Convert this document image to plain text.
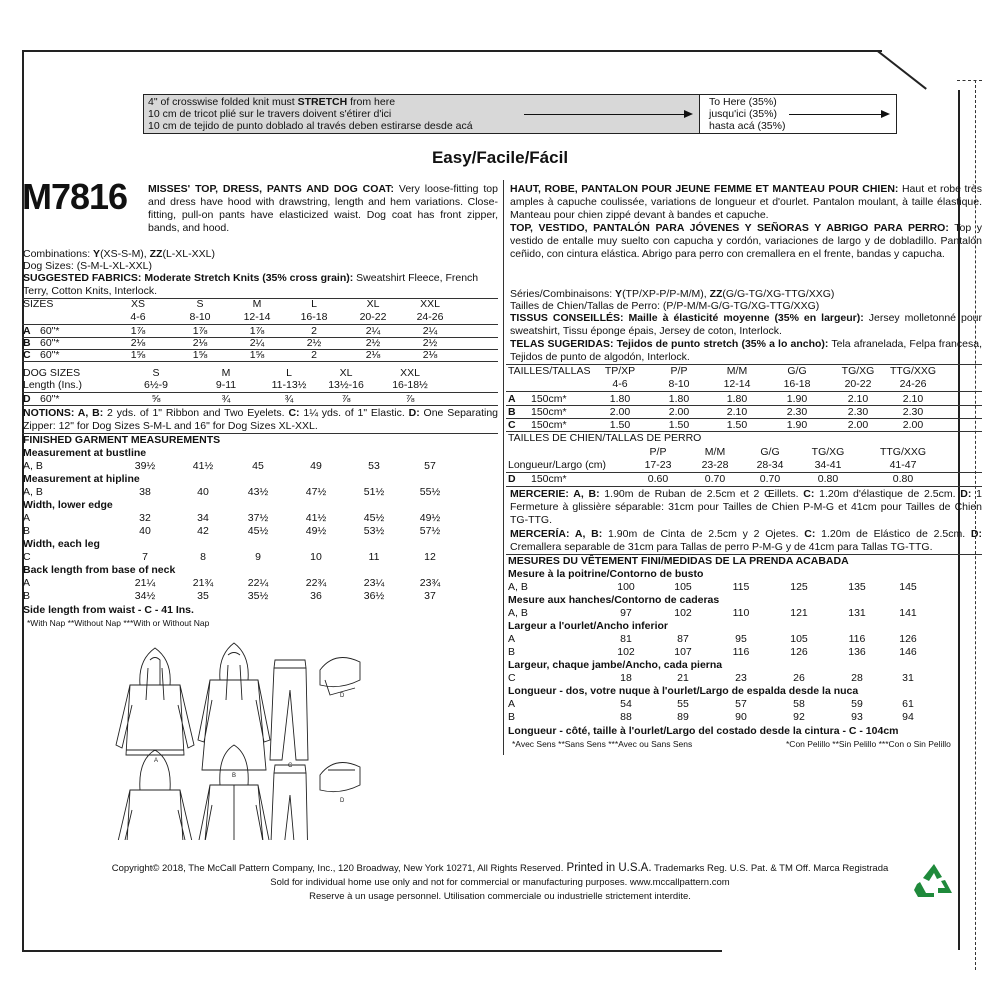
4" of crosswise folded knit must STRETCH from here
10 cm de tricot plié sur le travers doivent s'étirer d'ici
10 cm de tejido de punto doblado al través deben estirarse desde acá
To Here (35%)
jusqu'ici (35%)
hasta acá (35%)
Easy/Facile/Fácil
M7816 MISSES' TOP, DRESS, PANTS AND DOG COAT: Very loose-fitting top and dress have hood with drawstring, length and hem variations. Close-fitting, pull-on pants have elasticized waist. Dog coat has front zipper, bands, and hood.
Combinations: Y(XS-S-M), ZZ(L-XL-XXL)
Dog Sizes: (S-M-L-XL-XXL)
SUGGESTED FABRICS: Moderate Stretch Knits (35% cross grain): Sweatshirt Fleece, French Terry, Cotton Knits, Interlock.
SIZES	XS	S	M	L	XL	XXL
4-6	8-10	12-14	16-18	20-22	24-26
A 60"*	1⅞	1⅞	1⅞	2	2¼	2¼
B 60"*	2⅛	2⅛	2¼	2½	2½	2½
C 60"*	1⅝	1⅝	1⅝	2	2⅛	2⅛
DOG SIZES	S	M	L	XL	XXL
Length (Ins.)	6½-9	9-11	11-13½ 13½-16	16-18½
D 60"*	⅝	¾	¾	⅞	⅞
FINISHED GARMENT MEASUREMENTS
Measurement at bustline
A, B	39½	41½	45	49	53	57
Measurement at hipline
A, B	38	40	43½	47½	51½	55½
Width, lower edge
A	32	34	37½	41½	45½	49½
B	40	42	45½	49½	53½	57½
Width, each leg
C	7	8	9	10	11	12
Back length from base of neck
A	21¼	21¾	22¼	22¾	23¼	23¾
B	34½	35	35½	36	36½	37
Side length from waist - C - 41 Ins.
*With Nap **Without Nap ***With or Without Nap
HAUT, ROBE, PANTALON POUR JEUNE FEMME ET MANTEAU POUR CHIEN: Haut et robe très amples à capuche coulissée, variations de longueur et d'ourlet. Pantalon moulant, à taille élastique. Manteau pour chien zippé devant à bandes et capuche.
TOP, VESTIDO, PANTALÓN PARA JÓVENES Y SEÑORAS Y ABRIGO PARA PERRO: Top y vestido de entalle muy suelto con capucha y cordón, variaciones de largo y de dobladillo. Pantalón ceñido, con cintura elástica. Abrigo para perro con cremallera en el frente, bandas y capucha.
Séries/Combinaisons: Y(TP/XP-P/P-M/M), ZZ(G/G-TG/XG-TTG/XXG)
Tailles de Chien/Tallas de Perro: (P/P-M/M-G/G-TG/XG-TTG/XXG)
TISSUS CONSEILLÉS: Maille à élasticité moyenne (35% en largeur): Jersey molletonné pour sweatshirt, Tissu éponge épais, Jersey de coton, Interlock.
TELAS SUGERIDAS: Tejidos de punto stretch (35% a lo ancho): Tela afranelada, Felpa francesa, Tejidos de punto de algodón, Interlock.
TAILLES/TALLAS TP/XP	P/P	M/M	G/G	TG/XG TTG/XXG
4-6	8-10	12-14	16-18	20-22	24-26
A 150cm*	1.80	1.80	1.80	1.90	2.10	2.10
B 150cm*	2.00	2.00	2.10	2.30	2.30	2.30
C 150cm*	1.50	1.50	1.50	1.90	2.00	2.00
TAILLES DE CHIEN/TALLAS DE PERRO
P/P	M/M	G/G	TG/XG	TTG/XXG
Longueur/Largo (cm)	17-23	23-28	28-34	34-41	41-47
D 150cm*	0.60	0.70	0.70	0.80	0.80
MESURES DU VÊTEMENT FINI/MEDIDAS DE LA PRENDA ACABADA
Mesure à la poitrine/Contorno de busto
A, B	100	105	115	125	135	145
Mesure aux hanches/Contorno de caderas
A, B	97	102	110	121	131	141
Largeur a l'ourlet/Ancho inferior
A	81	87	95	105	116	126
B	102	107	116	126	136	146
Largeur, chaque jambe/Ancho, cada pierna
C	18	21	23	26	28	31
Longueur - dos, votre nuque à l'ourlet/Largo de espalda desde la nuca
A	54	55	57	58	59	61
B	88	89	90	92	93	94
Longueur - côté, taille à l'ourlet/Largo del costado desde la cintura - C - 104cm
*Avec Sens **Sans Sens ***Avec ou Sans Sens	*Con Pelillo **Sin Pelillo ***Con o Sin Pelillo
MERCERIE: A, B: 1.90m de Ruban de 2.5cm et 2 Œillets. C: 1.20m d'élastique de 2.5cm. D: 1 Fermeture à glissière séparable: 31cm pour Tailles de Chien P-M-G et 41cm pour Tailles de Chien TG-TTG.
MERCERÍA: A, B: 1.90m de Cinta de 2.5cm y 2 Ojetes. C: 1.20m de Elástico de 2.5cm. D: Cremallera separable de 31cm para Tallas de perro P-M-G y de 41cm para Tallas TG-TTG.
NOTIONS: A, B: 2 yds. of 1" Ribbon and Two Eyelets. C: 1¼ yds. of 1" Elastic. D: One Separating Zipper: 12" for Dog Sizes S-M-L and 16" for Dog Sizes XL-XXL.
A
B
C
D
D
Copyright© 2018, The McCall Pattern Company, Inc., 120 Broadway, New York 10271, All Rights Reserved. Printed in U.S.A. Trademarks Reg. U.S. Pat. & TM Off. Marca Registrada
Sold for individual home use only and not for commercial or manufacturing purposes. www.mccallpattern.com
Reserve à un usage personnel. Utilisation commerciale ou industrielle strictement interdite.
